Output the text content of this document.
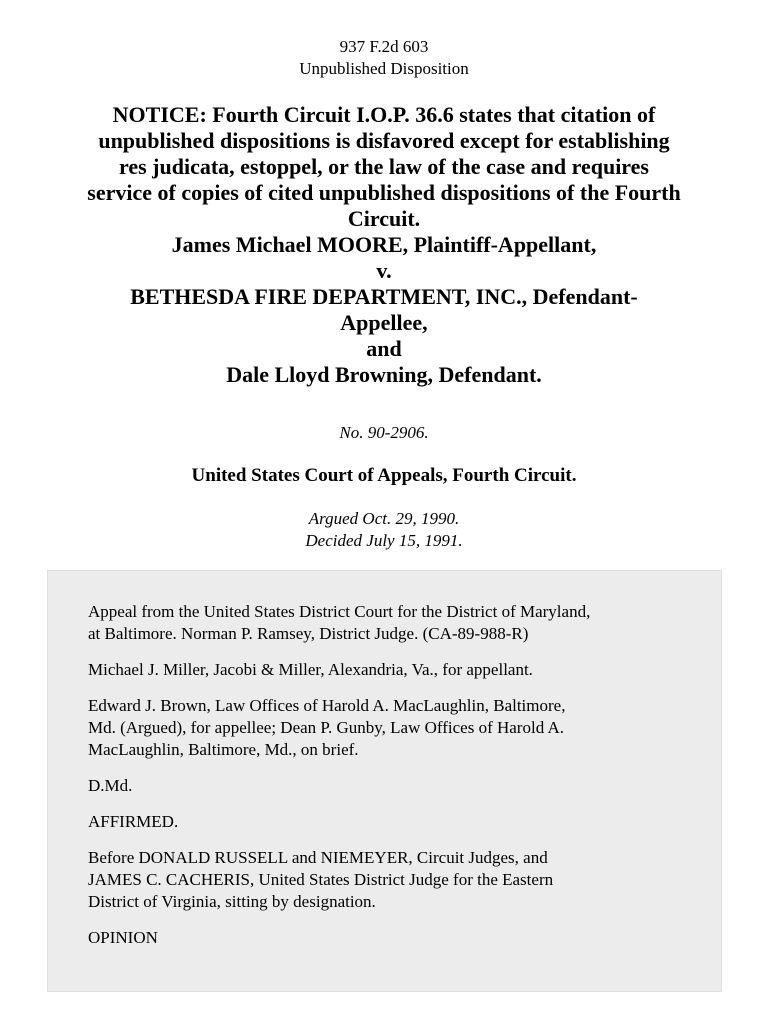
937 F.2d 603
Unpublished Disposition
NOTICE: Fourth Circuit I.O.P. 36.6 states that citation of
unpublished dispositions is disfavored except for establishing
res judicata, estoppel, or the law of the case and requires
service of copies of cited unpublished dispositions of the Fourth
Circuit.
James Michael MOORE, Plaintiff-Appellant,
v.
BETHESDA FIRE DEPARTMENT, INC., Defendant-
Appellee,
and
Dale Lloyd Browning, Defendant.
No. 90-2906.
United States Court of Appeals, Fourth Circuit.
Argued Oct. 29, 1990.
Decided July 15, 1991.

Appeal from the United States District Court for the District of Maryland,
at Baltimore. Norman P. Ramsey, District Judge. (CA-89-988-R)

Michael J. Miller, Jacobi & Miller, Alexandria, Va., for appellant.

Edward J. Brown, Law Offices of Harold A. MacLaughlin, Baltimore,
Md. (Argued), for appellee; Dean P. Gunby, Law Offices of Harold A.
MacLaughlin, Baltimore, Md., on brief.

D.Md.

AFFIRMED.

Before DONALD RUSSELL and NIEMEYER, Circuit Judges, and
JAMES C. CACHERIS, United States District Judge for the Eastern
District of Virginia, sitting by designation.

OPINION
